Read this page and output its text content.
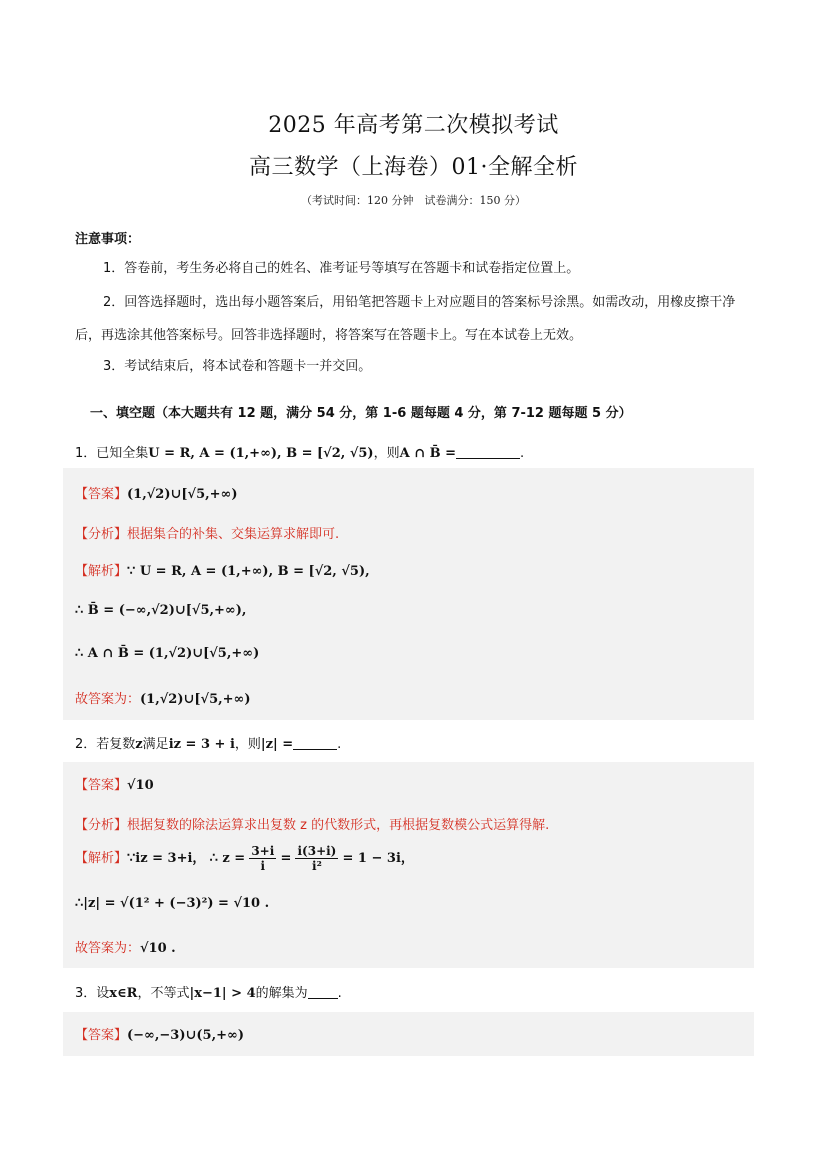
2025 年高考第二次模拟考试
高三数学（上海卷）01·全解全析
（考试时间：120 分钟　试卷满分：150 分）
注意事项：
1．答卷前，考生务必将自己的姓名、准考证号等填写在答题卡和试卷指定位置上。
2．回答选择题时，选出每小题答案后，用铅笔把答题卡上对应题目的答案标号涂黑。如需改动，用橡皮擦干净后，再选涂其他答案标号。回答非选择题时，将答案写在答题卡上。写在本试卷上无效。
3．考试结束后，将本试卷和答题卡一并交回。
一、填空题（本大题共有 12 题，满分 54 分，第 1-6 题每题 4 分，第 7-12 题每题 5 分）
1．已知全集U = R, A = (1,+∞), B = [√2, √5)，则A ∩ B̄ =	.
【答案】(1,√2)∪[√5,+∞)
【分析】根据集合的补集、交集运算求解即可.
【解析】∵ U = R, A = (1,+∞), B = [√2, √5),
∴ B̄ = (−∞,√2)∪[√5,+∞),
∴ A ∩ B̄ = (1,√2)∪[√5,+∞)
故答案为：(1,√2)∪[√5,+∞)
2．若复数z满足iz = 3 + i，则|z| =	.
【答案】√10
【分析】根据复数的除法运算求出复数 z 的代数形式，再根据复数模公式运算得解.
【解析】∵iz = 3+i， ∴ $z = \frac{3+i}{i} = \frac{i(3+i)}{\text{i²}} = 1 - 3i$，
∴|z| = √(1² + (−3)²) = √10 .
故答案为：√10 .
3．设x∈R，不等式|x−1| > 4的解集为 .
【答案】(−∞,−3)∪(5,+∞)
